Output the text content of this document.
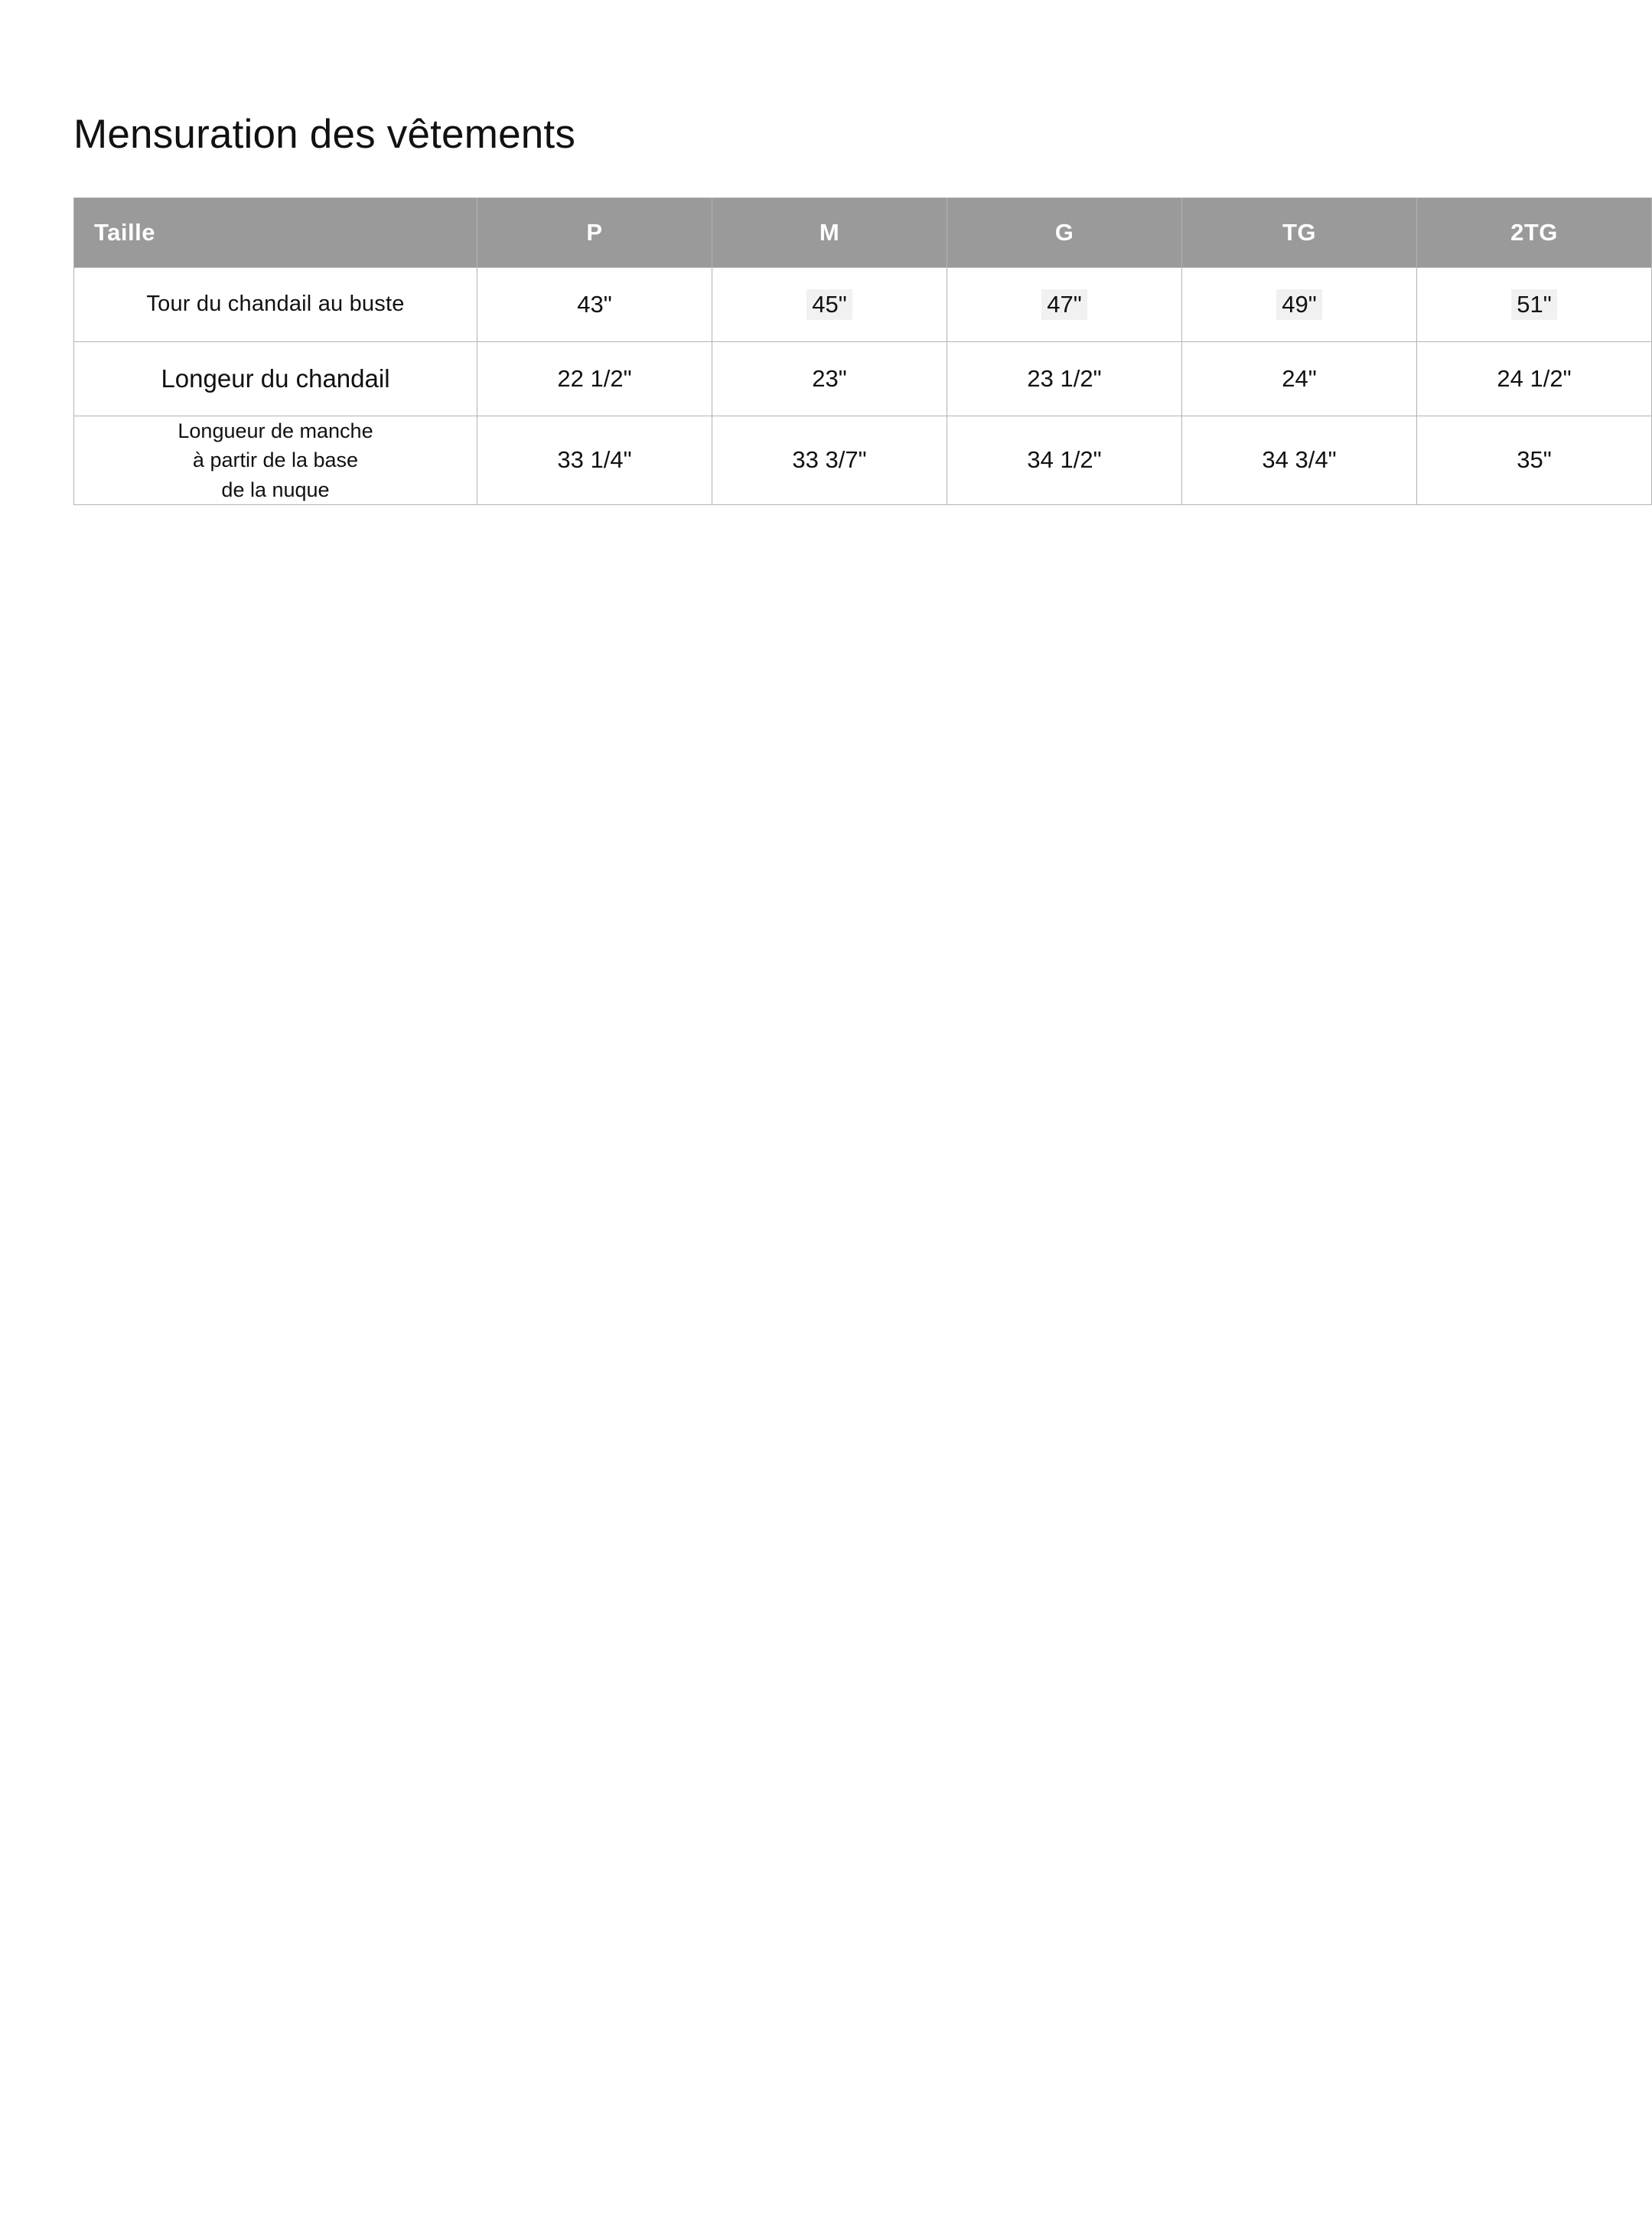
Mensuration des vêtements
Taille	P	M	G	TG	2TG
Tour du chandail au buste	43"	45"	47"	49"	51"
Longeur du chandail	22 1/2"	23"	23 1/2"	24"	24 1/2"

Longueur de manche
à partir de la base
de la nuque	33 1/4"	33 3/7"	34 1/2"	34 3/4"	35"
